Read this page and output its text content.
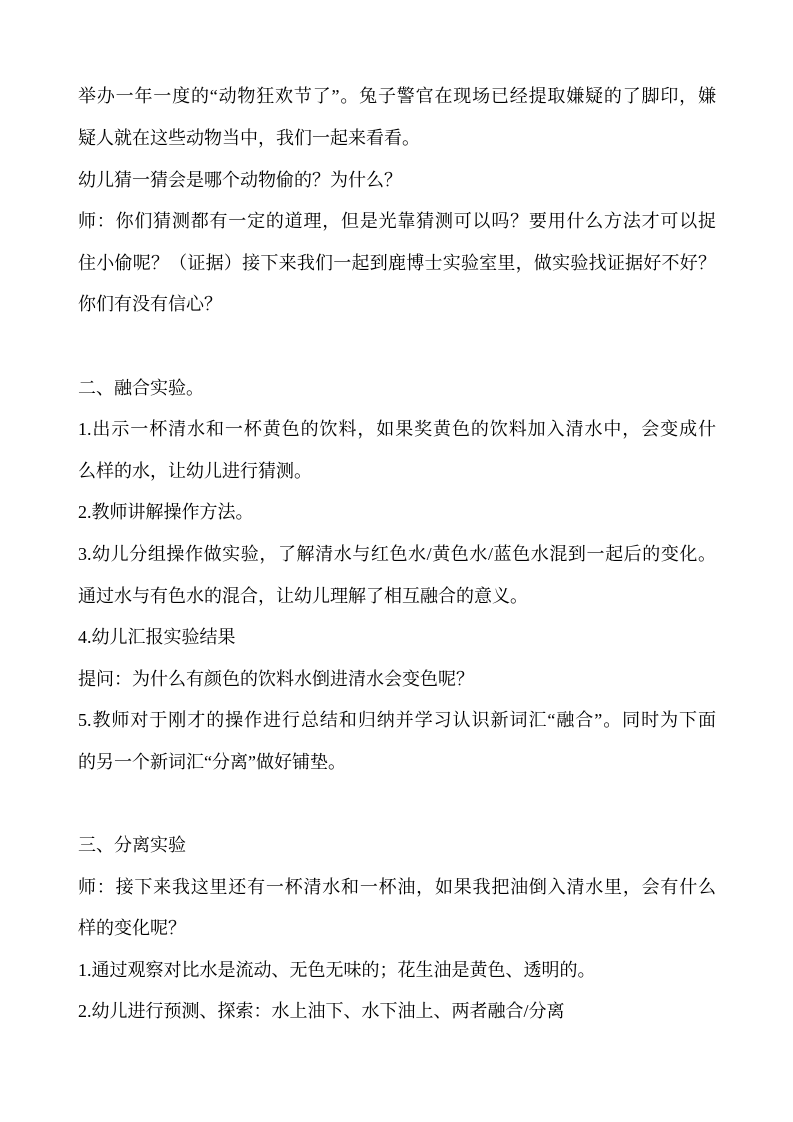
举办一年一度的“动物狂欢节了”。兔子警官在现场已经提取嫌疑的了脚印，嫌
疑人就在这些动物当中，我们一起来看看。
幼儿猜一猜会是哪个动物偷的？为什么？
师：你们猜测都有一定的道理，但是光靠猜测可以吗？要用什么方法才可以捉
住小偷呢？（证据）接下来我们一起到鹿博士实验室里，做实验找证据好不好？
你们有没有信心？
二、融合实验。
1.出示一杯清水和一杯黄色的饮料，如果奖黄色的饮料加入清水中，会变成什
么样的水，让幼儿进行猜测。
2.教师讲解操作方法。
3.幼儿分组操作做实验，了解清水与红色水/黄色水/蓝色水混到一起后的变化。
通过水与有色水的混合，让幼儿理解了相互融合的意义。
4.幼儿汇报实验结果
提问：为什么有颜色的饮料水倒进清水会变色呢？
5.教师对于刚才的操作进行总结和归纳并学习认识新词汇“融合”。同时为下面
的另一个新词汇“分离”做好铺垫。
三、分离实验
师：接下来我这里还有一杯清水和一杯油，如果我把油倒入清水里，会有什么
样的变化呢？
1.通过观察对比水是流动、无色无味的；花生油是黄色、透明的。
2.幼儿进行预测、探索：水上油下、水下油上、两者融合/分离
